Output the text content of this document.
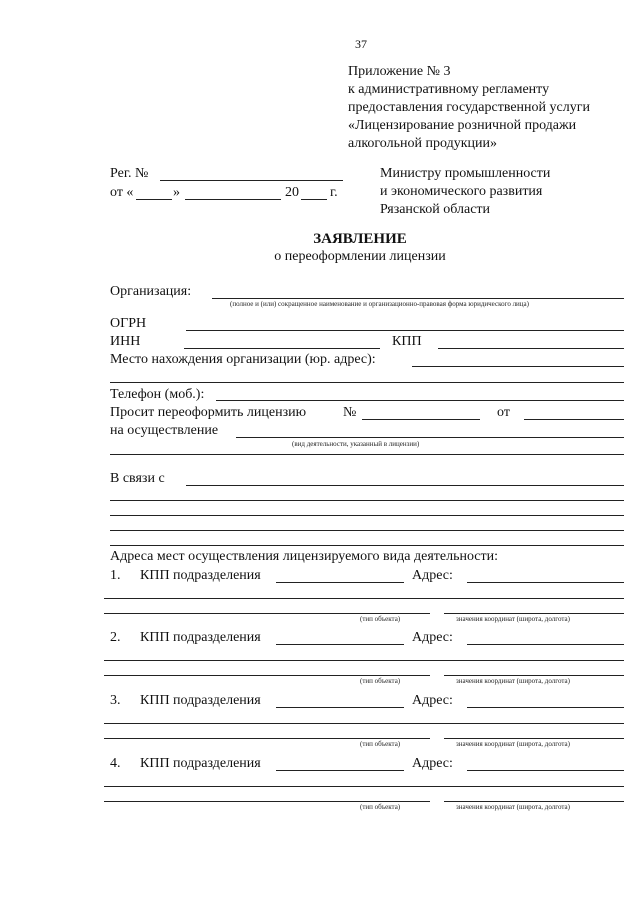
37
Приложение № 3
к административному регламенту
предоставления государственной услуги
«Лицензирование розничной продажи
алкогольной продукции»
Рег. №
от «	»	20 г.
Министру промышленности
и экономического развития
Рязанской области
ЗАЯВЛЕНИЕ
о переоформлении лицензии
Организация:
(полное и (или) сокращенное наименование и организационно-правовая форма юридического лица)
ОГРН
ИНН	КПП
Место нахождения организации (юр. адрес):
Телефон (моб.):
Просит переоформить лицензию	№	от
на осуществление
(вид деятельности, указанный в лицензии)
В связи с
Адреса мест осуществления лицензируемого вида деятельности:
1. КПП подразделения	Адрес:
(тип объекта)	значения координат (широта, долгота)
2. КПП подразделения	Адрес:
(тип объекта)	значения координат (широта, долгота)
3. КПП подразделения	Адрес:
(тип объекта)	значения координат (широта, долгота)
4. КПП подразделения	Адрес:
(тип объекта)	значения координат (широта, долгота)
